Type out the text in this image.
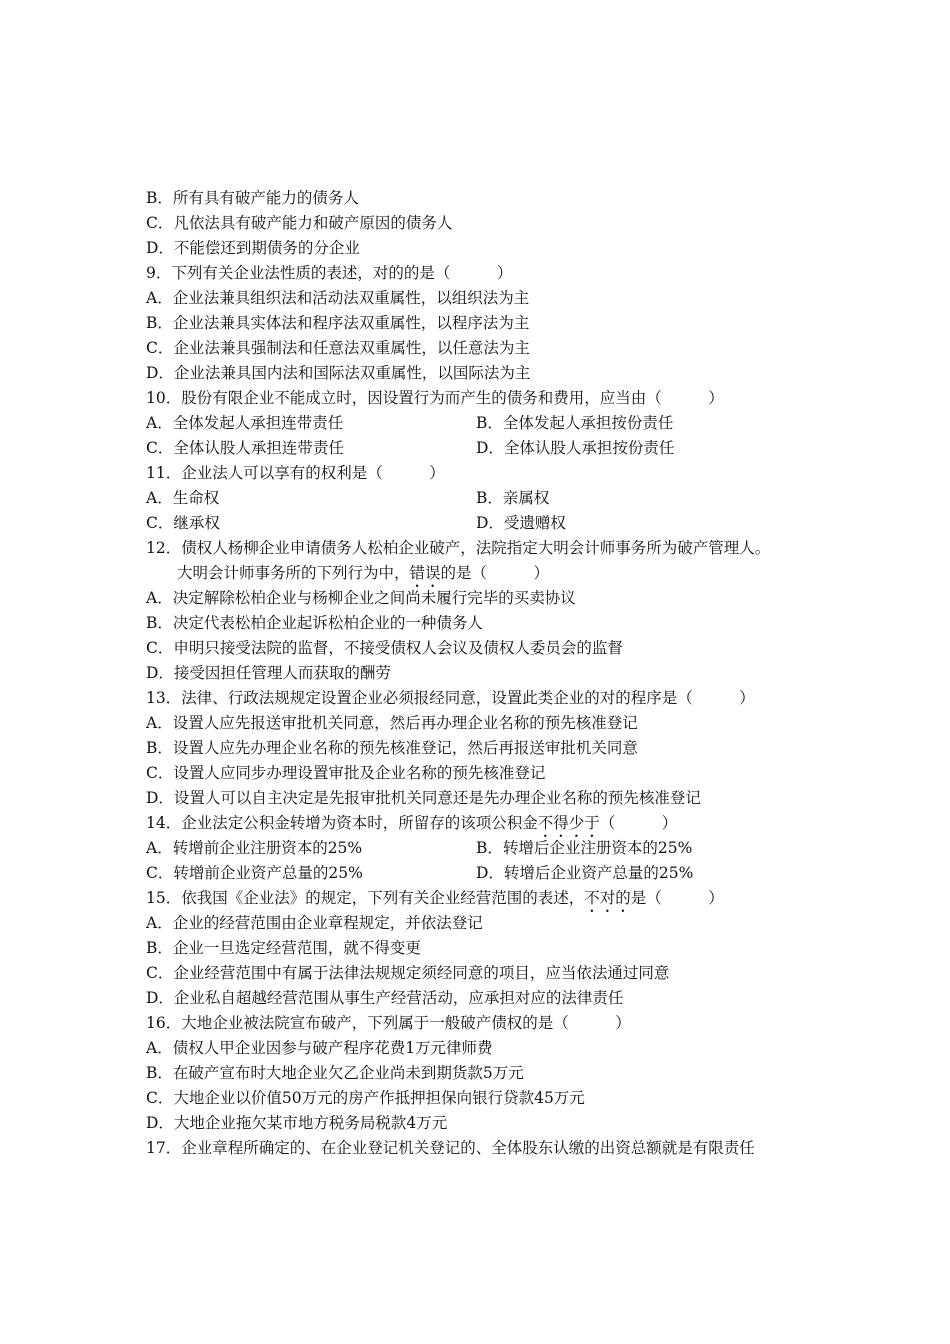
B．所有具有破产能力的债务人
C．凡依法具有破产能力和破产原因的债务人
D．不能偿还到期债务的分企业
9．下列有关企业法性质的表述，对的的是（　　　）
A．企业法兼具组织法和活动法双重属性，以组织法为主
B．企业法兼具实体法和程序法双重属性，以程序法为主
C．企业法兼具强制法和任意法双重属性，以任意法为主
D．企业法兼具国内法和国际法双重属性，以国际法为主
10．股份有限企业不能成立时，因设置行为而产生的债务和费用，应当由（　　　）
A．全体发起人承担连带责任	B．全体发起人承担按份责任
C．全体认股人承担连带责任	D．全体认股人承担按份责任
11．企业法人可以享有的权利是（　　　）
A．生命权	B．亲属权
C．继承权	D．受遗赠权
12．债权人杨柳企业申请债务人松柏企业破产，法院指定大明会计师事务所为破产管理人。
大明会计师事务所的下列行为中，错误的是（　　　）
A．决定解除松柏企业与杨柳企业之间尚未履行完毕的买卖协议
B．决定代表松柏企业起诉松柏企业的一种债务人
C．申明只接受法院的监督，不接受债权人会议及债权人委员会的监督
D．接受因担任管理人而获取的酬劳
13．法律、行政法规规定设置企业必须报经同意，设置此类企业的对的程序是（　　　）
A．设置人应先报送审批机关同意，然后再办理企业名称的预先核准登记
B．设置人应先办理企业名称的预先核准登记，然后再报送审批机关同意
C．设置人应同步办理设置审批及企业名称的预先核准登记
D．设置人可以自主决定是先报审批机关同意还是先办理企业名称的预先核准登记
14．企业法定公积金转增为资本时，所留存的该项公积金不得少于（　　　）
A．转增前企业注册资本的25%	B．转增后企业注册资本的25%
C．转增前企业资产总量的25%	D．转增后企业资产总量的25%
15．依我国《企业法》的规定，下列有关企业经营范围的表述，不对的是（　　　）
A．企业的经营范围由企业章程规定，并依法登记
B．企业一旦选定经营范围，就不得变更
C．企业经营范围中有属于法律法规规定须经同意的项目，应当依法通过同意
D．企业私自超越经营范围从事生产经营活动，应承担对应的法律责任
16．大地企业被法院宣布破产，下列属于一般破产债权的是（　　　）
A．债权人甲企业因参与破产程序花费1万元律师费
B．在破产宣布时大地企业欠乙企业尚未到期货款5万元
C．大地企业以价值50万元的房产作抵押担保向银行贷款45万元
D．大地企业拖欠某市地方税务局税款4万元
17．企业章程所确定的、在企业登记机关登记的、全体股东认缴的出资总额就是有限责任
